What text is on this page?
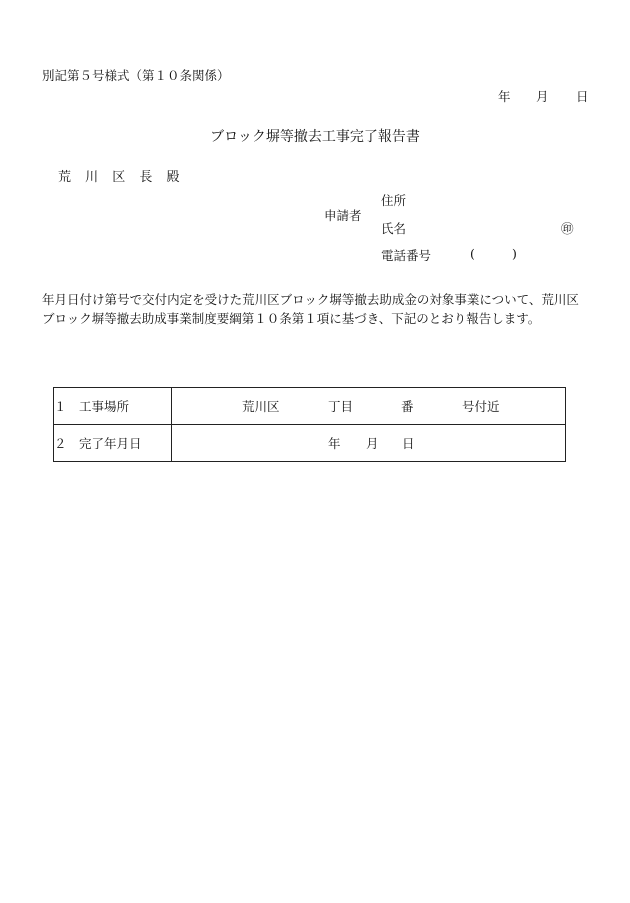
別記第５号様式（第１０条関係）
年 月 日
ブロック塀等撤去工事完了報告書
荒 川 区 長 殿
申請者
住所
氏名	㊞
電話番号	(	)
年月日付け第号で交付内定を受けた荒川区ブロック塀等撤去助成金の対象事業について、荒川区ブロック塀等撤去助成事業制度要綱第１０条第１項に基づき、下記のとおり報告します。
１　工事場所	荒川区 丁目 番 号付近

２　完了年月日	年 月 日
